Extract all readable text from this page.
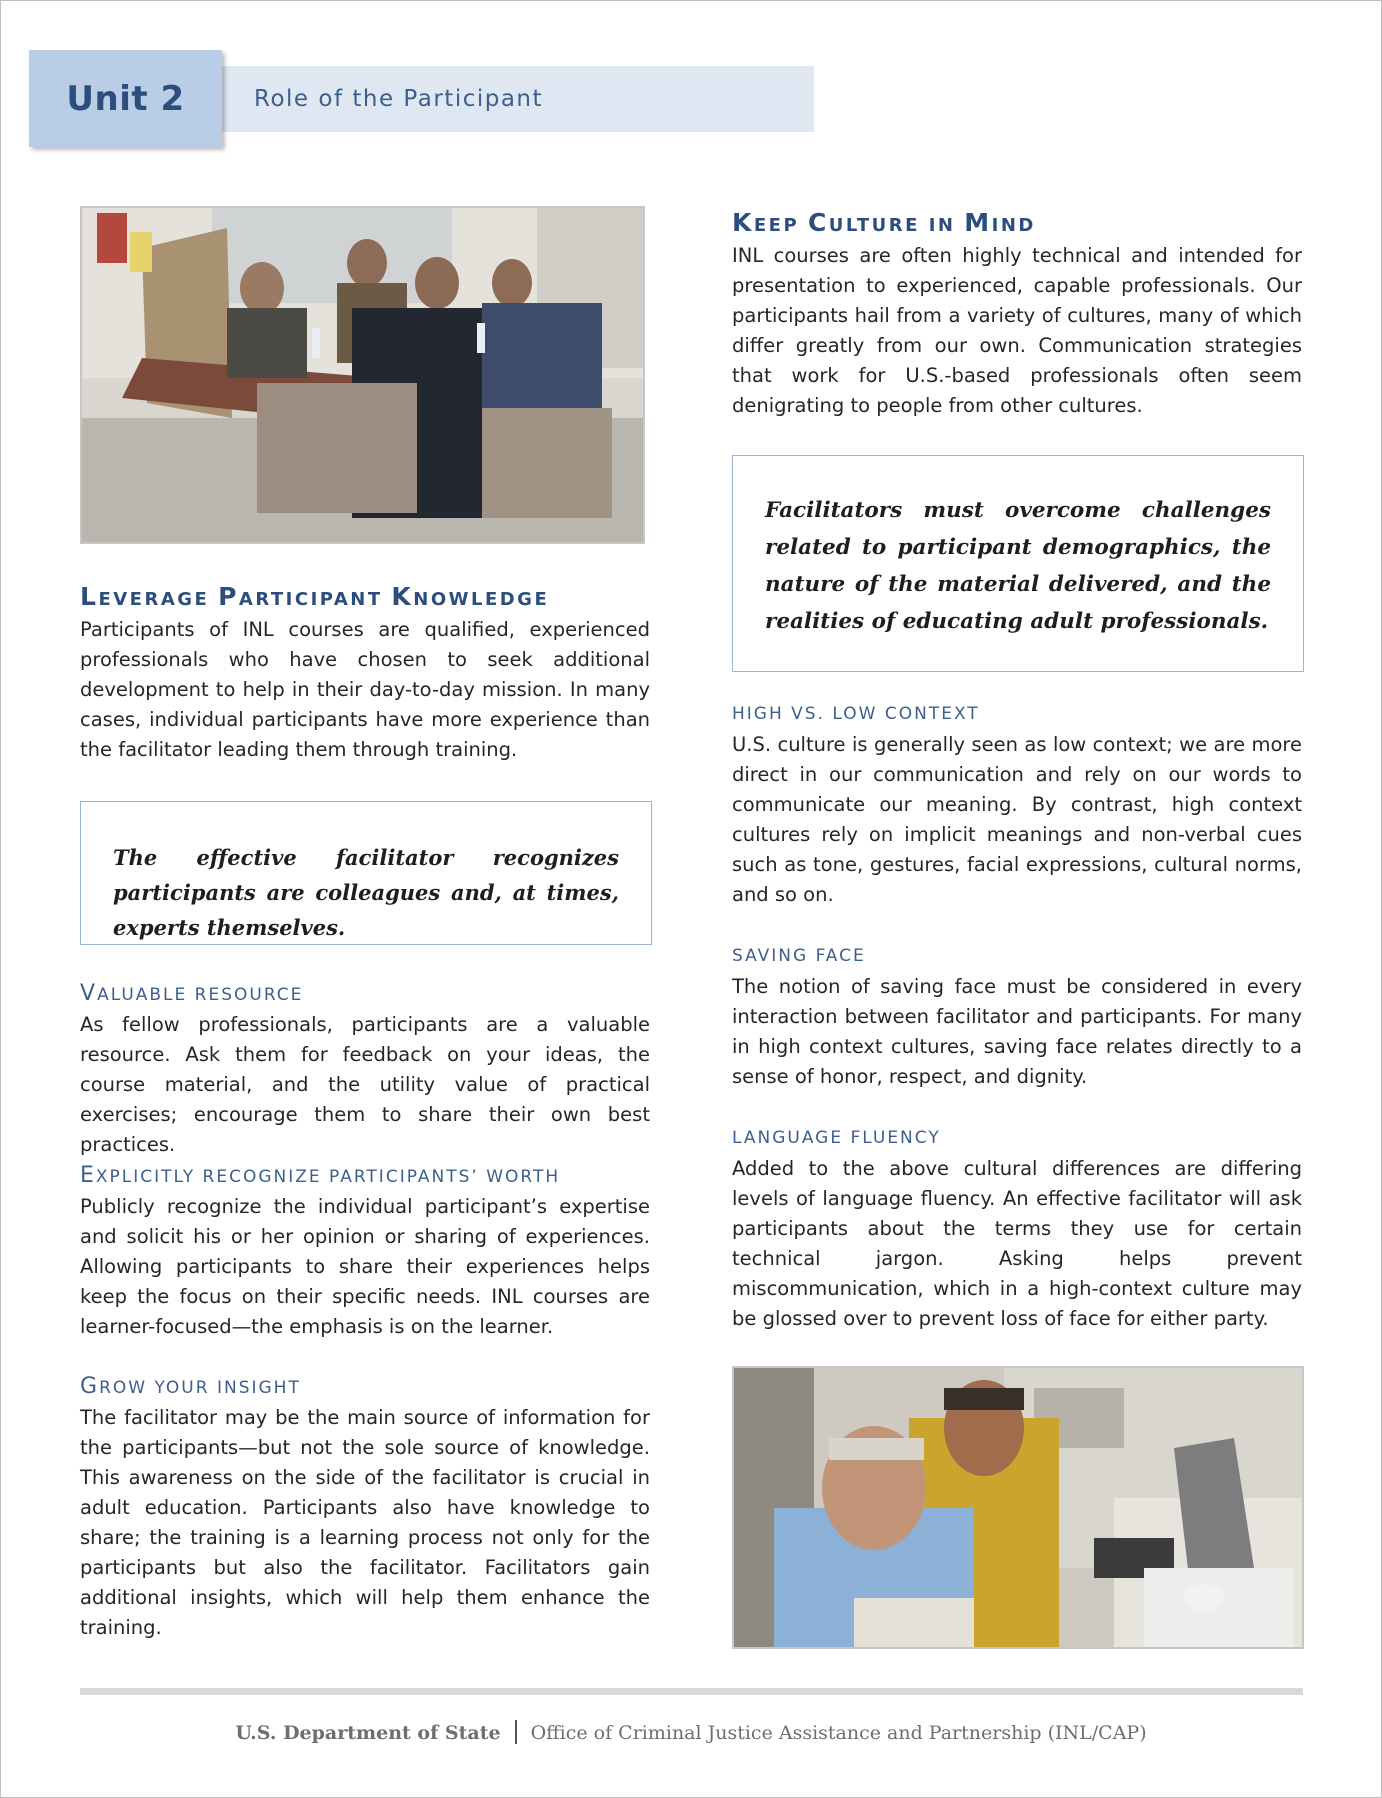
Role of the Participant
Unit 2
LEVERAGE PARTICIPANT KNOWLEDGE

Participants of INL courses are qualified, experienced professionals who have chosen to seek additional development to help in their day-to-day mission. In many cases, individual participants have more experience than the facilitator leading them through training.

The effective facilitator recognizes participants are colleagues and, at times, experts themselves.

VALUABLE RESOURCE

As fellow professionals, participants are a valuable resource. Ask them for feedback on your ideas, the course material, and the utility value of practical exercises; encourage them to share their own best practices.

EXPLICITLY RECOGNIZE PARTICIPANTS’ WORTH

Publicly recognize the individual participant’s expertise and solicit his or her opinion or sharing of experiences. Allowing participants to share their experiences helps keep the focus on their specific needs. INL courses are learner-focused—the emphasis is on the learner.

GROW YOUR INSIGHT

The facilitator may be the main source of information for the participants—but not the sole source of knowledge. This awareness on the side of the facilitator is crucial in adult education. Participants also have knowledge to share; the training is a learning process not only for the participants but also the facilitator. Facilitators gain additional insights, which will help them enhance the training.

KEEP CULTURE IN MIND

INL courses are often highly technical and intended for presentation to experienced, capable professionals. Our participants hail from a variety of cultures, many of which differ greatly from our own. Communication strategies that work for U.S.-based professionals often seem denigrating to people from other cultures.

Facilitators must overcome challenges related to participant demographics, the nature of the material delivered, and the realities of educating adult professionals.

HIGH VS. LOW CONTEXT

U.S. culture is generally seen as low context; we are more direct in our communication and rely on our words to communicate our meaning. By contrast, high context cultures rely on implicit meanings and non-verbal cues such as tone, gestures, facial expressions, cultural norms, and so on.

SAVING FACE

The notion of saving face must be considered in every interaction between facilitator and participants. For many in high context cultures, saving face relates directly to a sense of honor, respect, and dignity.

LANGUAGE FLUENCY

Added to the above cultural differences are differing levels of language fluency. An effective facilitator will ask participants about the terms they use for certain technical jargon. Asking helps prevent miscommunication, which in a high-context culture may be glossed over to prevent loss of face for either party.

U.S. Department of State Office of Criminal Justice Assistance and Partnership (INL/CAP)
